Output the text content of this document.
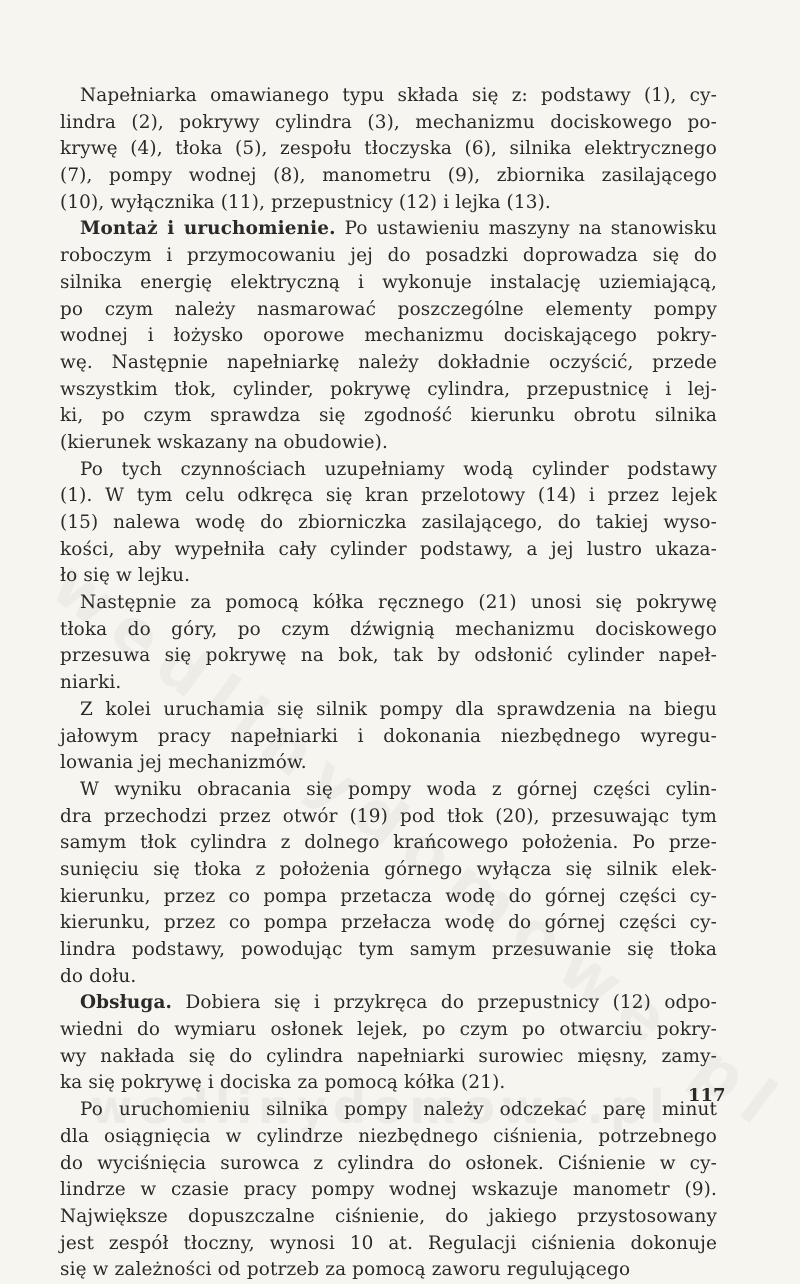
Napełniarka omawianego typu składa się z: podstawy (1), cy-
lindra (2), pokrywy cylindra (3), mechanizmu dociskowego po-
krywę (4), tłoka (5), zespołu tłoczyska (6), silnika elektrycznego
(7), pompy wodnej (8), manometru (9), zbiornika zasilającego
(10), wyłącznika (11), przepustnicy (12) i lejka (13).
Montaż i uruchomienie. Po ustawieniu maszyny na stanowisku
roboczym i przymocowaniu jej do posadzki doprowadza się do
silnika energię elektryczną i wykonuje instalację uziemiającą,
po czym należy nasmarować poszczególne elementy pompy
wodnej i łożysko oporowe mechanizmu dociskającego pokry-
wę. Następnie napełniarkę należy dokładnie oczyścić, przede
wszystkim tłok, cylinder, pokrywę cylindra, przepustnicę i lej-
ki, po czym sprawdza się zgodność kierunku obrotu silnika
(kierunek wskazany na obudowie).
Po tych czynnościach uzupełniamy wodą cylinder podstawy
(1). W tym celu odkręca się kran przelotowy (14) i przez lejek
(15) nalewa wodę do zbiorniczka zasilającego, do takiej wyso-
kości, aby wypełniła cały cylinder podstawy, a jej lustro ukaza-
ło się w lejku.
Następnie za pomocą kółka ręcznego (21) unosi się pokrywę
tłoka do góry, po czym dźwignią mechanizmu dociskowego
przesuwa się pokrywę na bok, tak by odsłonić cylinder napeł-
niarki.
Z kolei uruchamia się silnik pompy dla sprawdzenia na biegu
jałowym pracy napełniarki i dokonania niezbędnego wyregu-
lowania jej mechanizmów.
W wyniku obracania się pompy woda z górnej części cylin-
dra przechodzi przez otwór (19) pod tłok (20), przesuwając tym
samym tłok cylindra z dolnego krańcowego położenia. Po prze-
sunięciu się tłoka z położenia górnego wyłącza się silnik elek-
kierunku, przez co pompa przetacza wodę do górnej części cy-
kierunku, przez co pompa przełacza wodę do górnej części cy-
lindra podstawy, powodując tym samym przesuwanie się tłoka
do dołu.
Obsługa. Dobiera się i przykręca do przepustnicy (12) odpo-
wiedni do wymiaru osłonek lejek, po czym po otwarciu pokry-
wy nakłada się do cylindra napełniarki surowiec mięsny, zamy-
ka się pokrywę i dociska za pomocą kółka (21).
Po uruchomieniu silnika pompy należy odczekać parę minut
dla osiągnięcia w cylindrze niezbędnego ciśnienia, potrzebnego
do wyciśnięcia surowca z cylindra do osłonek. Ciśnienie w cy-
lindrze w czasie pracy pompy wodnej wskazuje manometr (9).
Największe dopuszczalne ciśnienie, do jakiego przystosowany
jest zespół tłoczny, wynosi 10 at. Regulacji ciśnienia dokonuje
się w zależności od potrzeb za pomocą zaworu regulującego
117
